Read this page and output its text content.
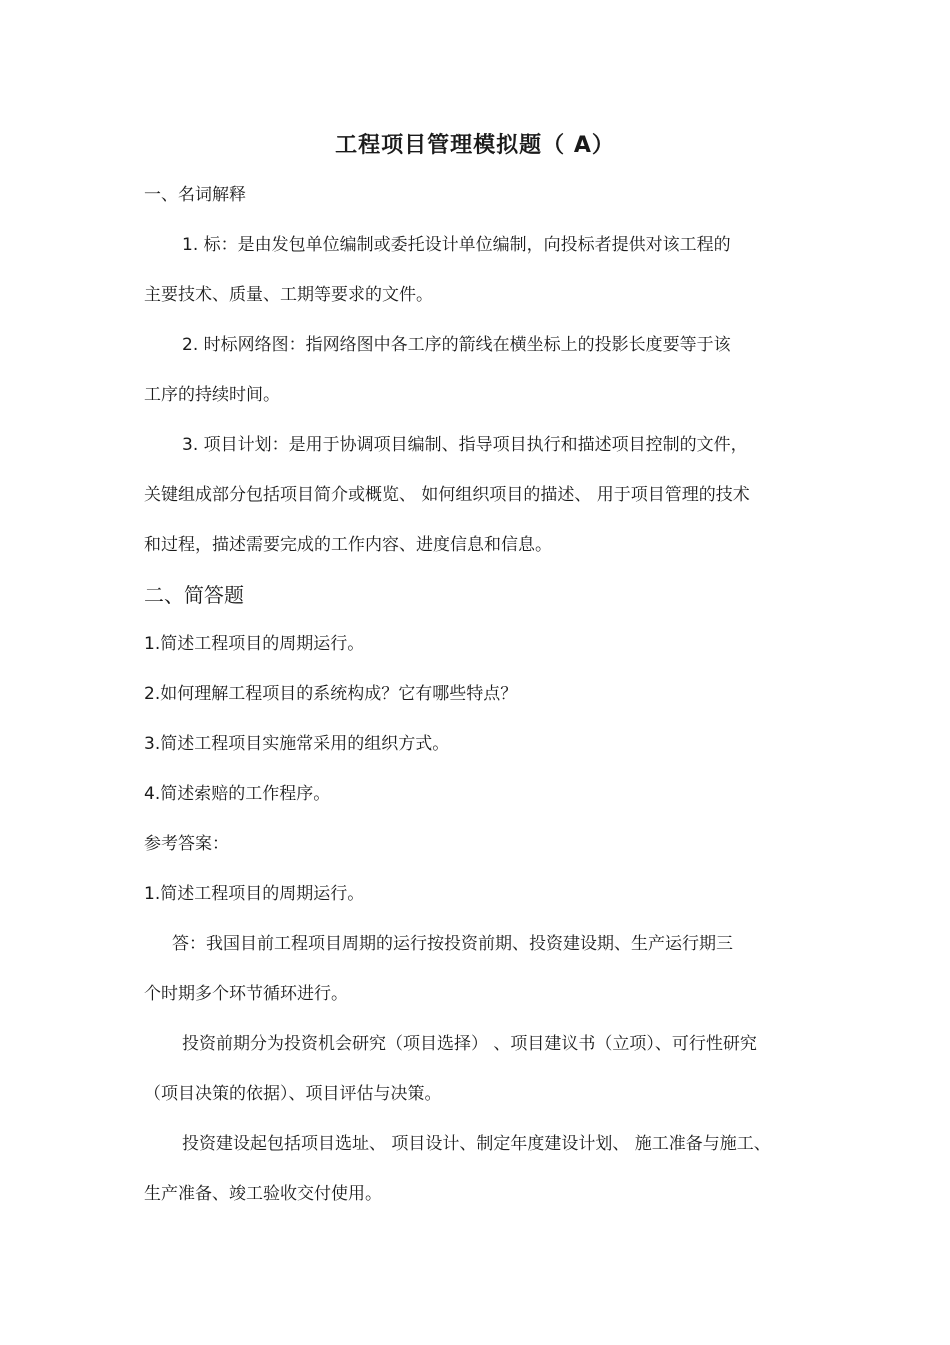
工程项目管理模拟题（ A）

一、名词解释

1. 标：是由发包单位编制或委托设计单位编制，向投标者提供对该工程的

主要技术、质量、工期等要求的文件。

2. 时标网络图：指网络图中各工序的箭线在横坐标上的投影长度要等于该

工序的持续时间。

3. 项目计划：是用于协调项目编制、指导项目执行和描述项目控制的文件，

关键组成部分包括项目简介或概览、 如何组织项目的描述、 用于项目管理的技术

和过程，描述需要完成的工作内容、进度信息和信息。

二、简答题

1.简述工程项目的周期运行。

2.如何理解工程项目的系统构成？它有哪些特点？

3.简述工程项目实施常采用的组织方式。

4.简述索赔的工作程序。

参考答案：

1.简述工程项目的周期运行。

答：我国目前工程项目周期的运行按投资前期、投资建设期、生产运行期三

个时期多个环节循环进行。

投资前期分为投资机会研究（项目选择） 、项目建议书（立项）、可行性研究

（项目决策的依据）、项目评估与决策。

投资建设起包括项目选址、 项目设计、制定年度建设计划、 施工准备与施工、

生产准备、竣工验收交付使用。
